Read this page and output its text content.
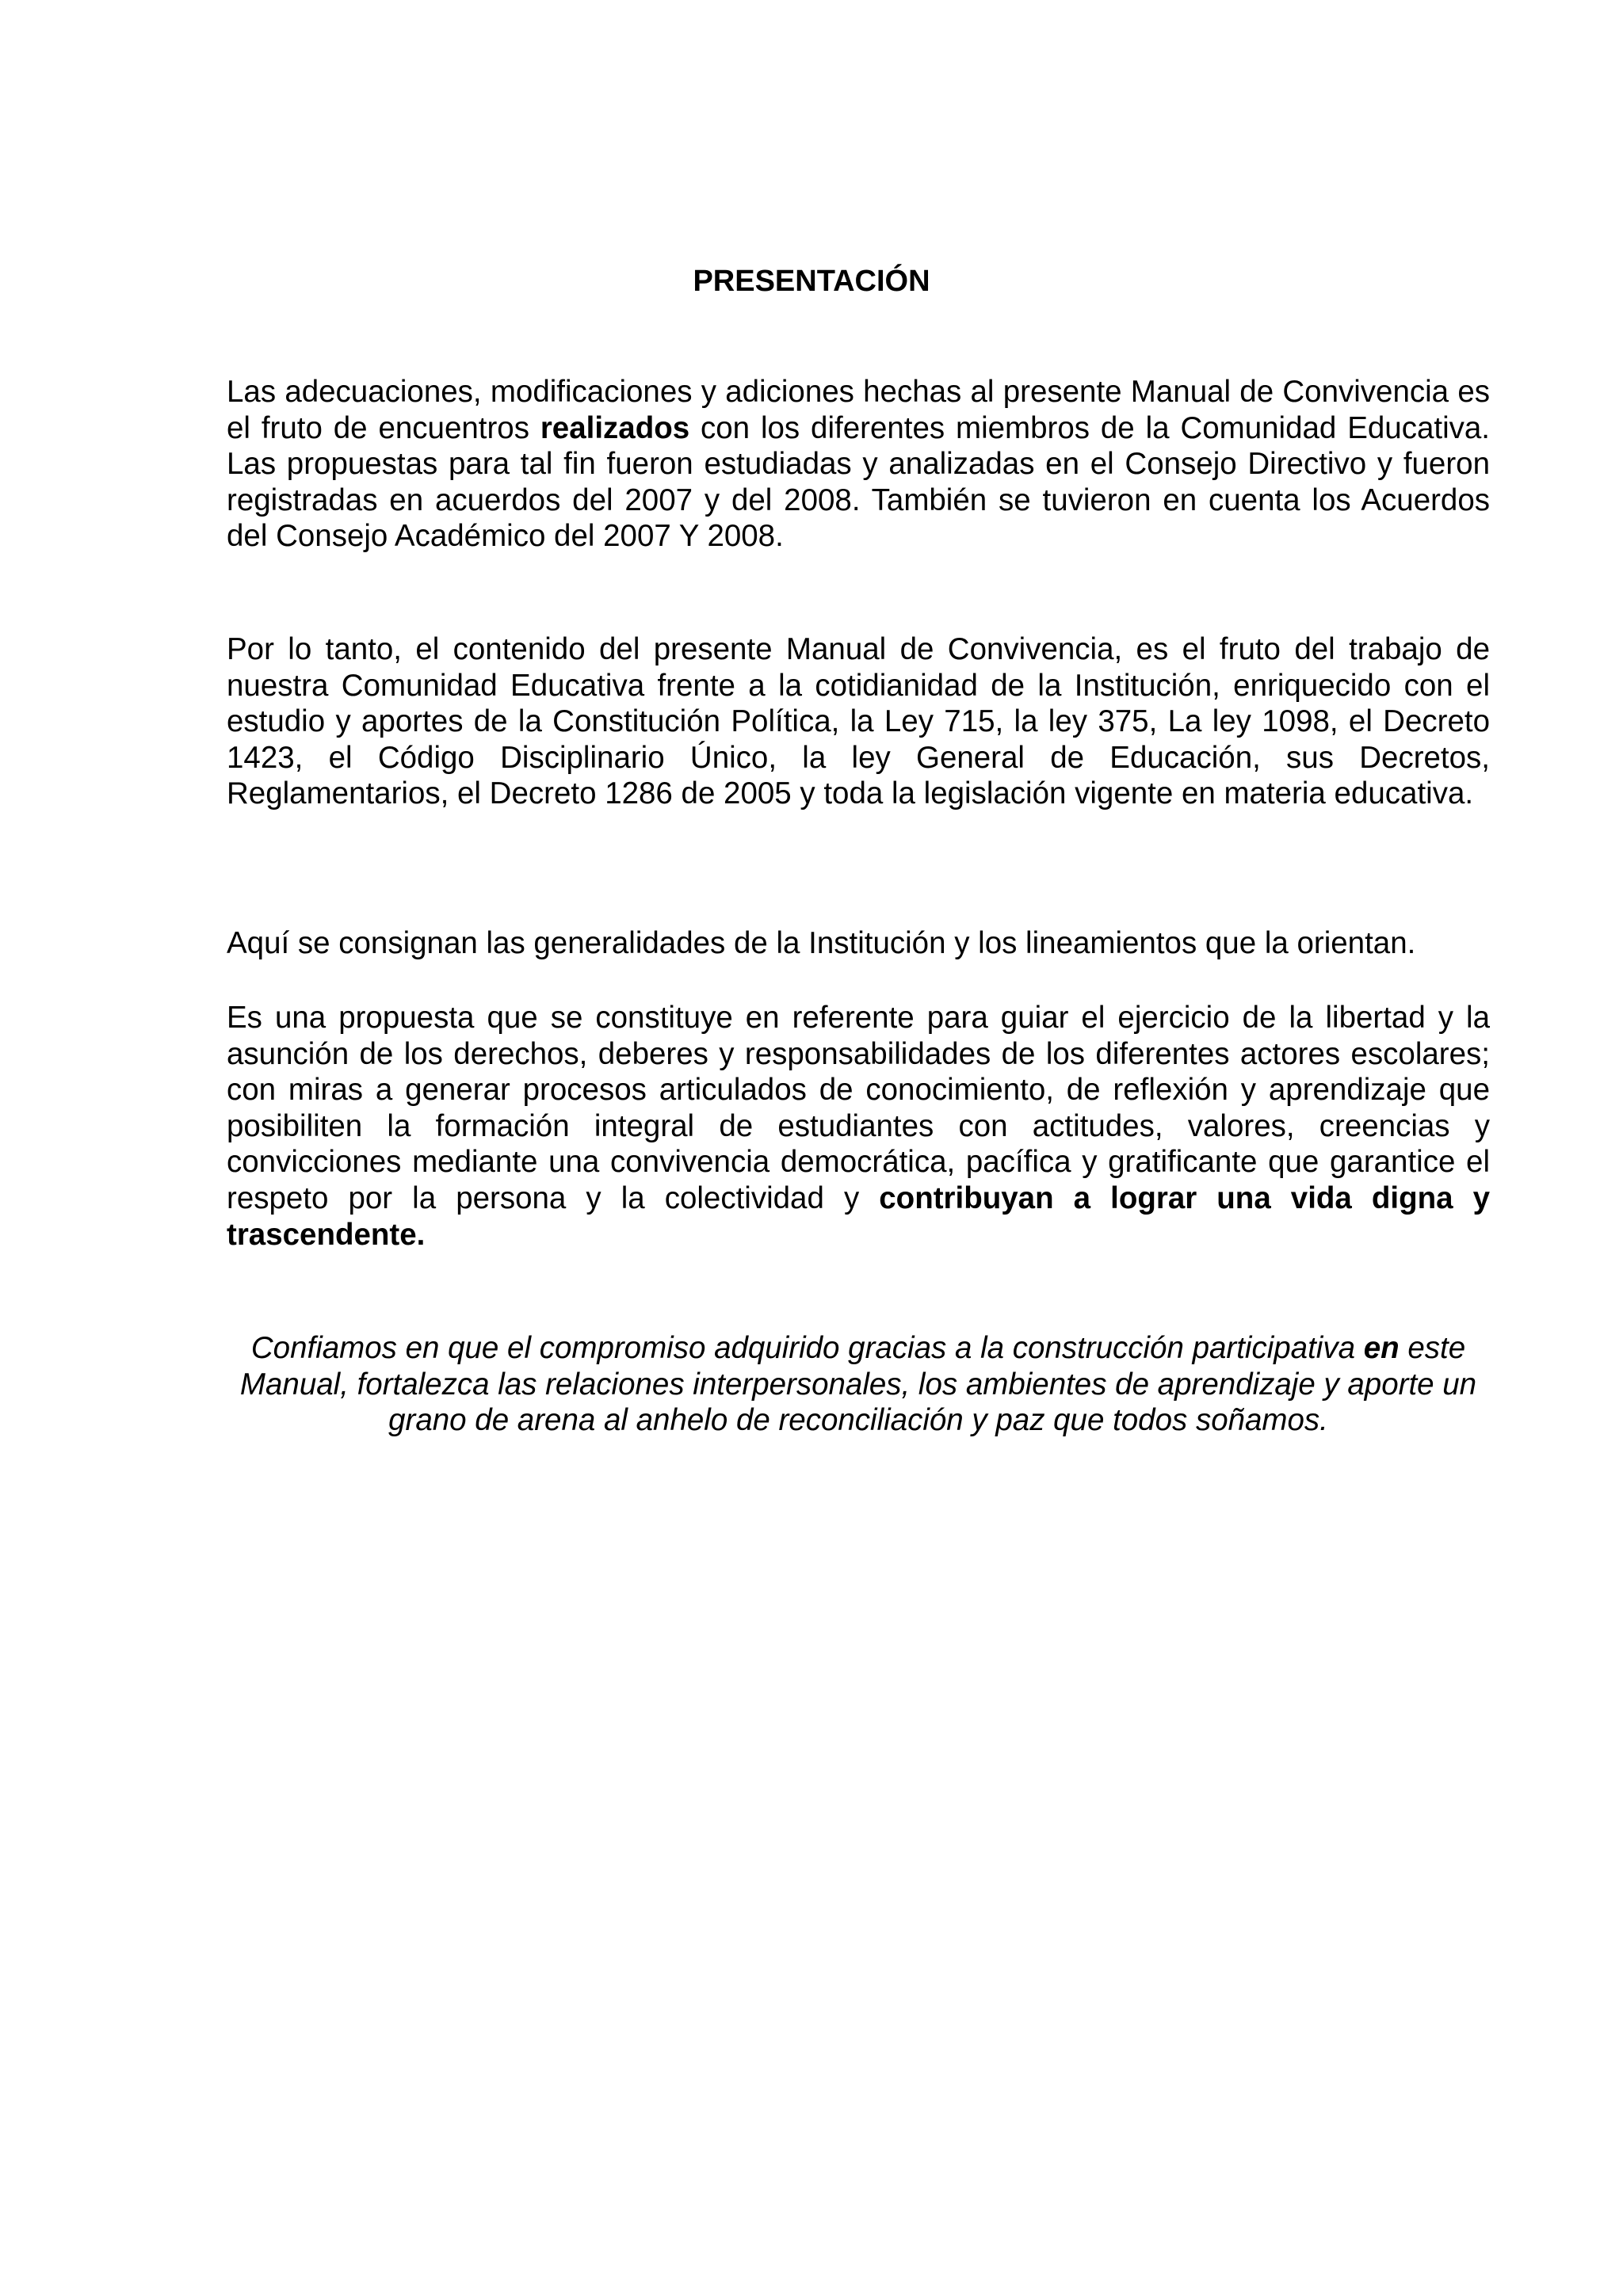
PRESENTACIÓN

Las adecuaciones, modificaciones y adiciones hechas al presente Manual de Convivencia es el fruto de encuentros realizados con los diferentes miembros de la Comunidad Educativa. Las propuestas para tal fin fueron estudiadas y analizadas en el Consejo Directivo y fueron registradas en acuerdos del 2007 y del 2008. También se tuvieron en cuenta los Acuerdos del Consejo Académico del 2007 Y 2008.

Por lo tanto, el contenido del presente Manual de Convivencia, es el fruto del trabajo de nuestra Comunidad Educativa frente a la cotidianidad de la Institución, enriquecido con el estudio y aportes de la Constitución Política, la Ley 715, la ley 375, La ley 1098, el Decreto 1423, el Código Disciplinario Único, la ley General de Educación, sus Decretos, Reglamentarios, el Decreto 1286 de 2005 y toda la legislación vigente en materia educativa.

Aquí se consignan las generalidades de la Institución y los lineamientos que la orientan.

Es una propuesta que se constituye en referente para guiar el ejercicio de la libertad y la asunción de los derechos, deberes y responsabilidades de los diferentes actores escolares; con miras a generar procesos articulados de conocimiento, de reflexión y aprendizaje que posibiliten la formación integral de estudiantes con actitudes, valores, creencias y convicciones mediante una convivencia democrática, pacífica y gratificante que garantice el respeto por la persona y la colectividad y contribuyan a lograr una vida digna y trascendente.

Confiamos en que el compromiso adquirido gracias a la construcción participativa en este Manual, fortalezca las relaciones interpersonales, los ambientes de aprendizaje y aporte un grano de arena al anhelo de reconciliación y paz que todos soñamos.
